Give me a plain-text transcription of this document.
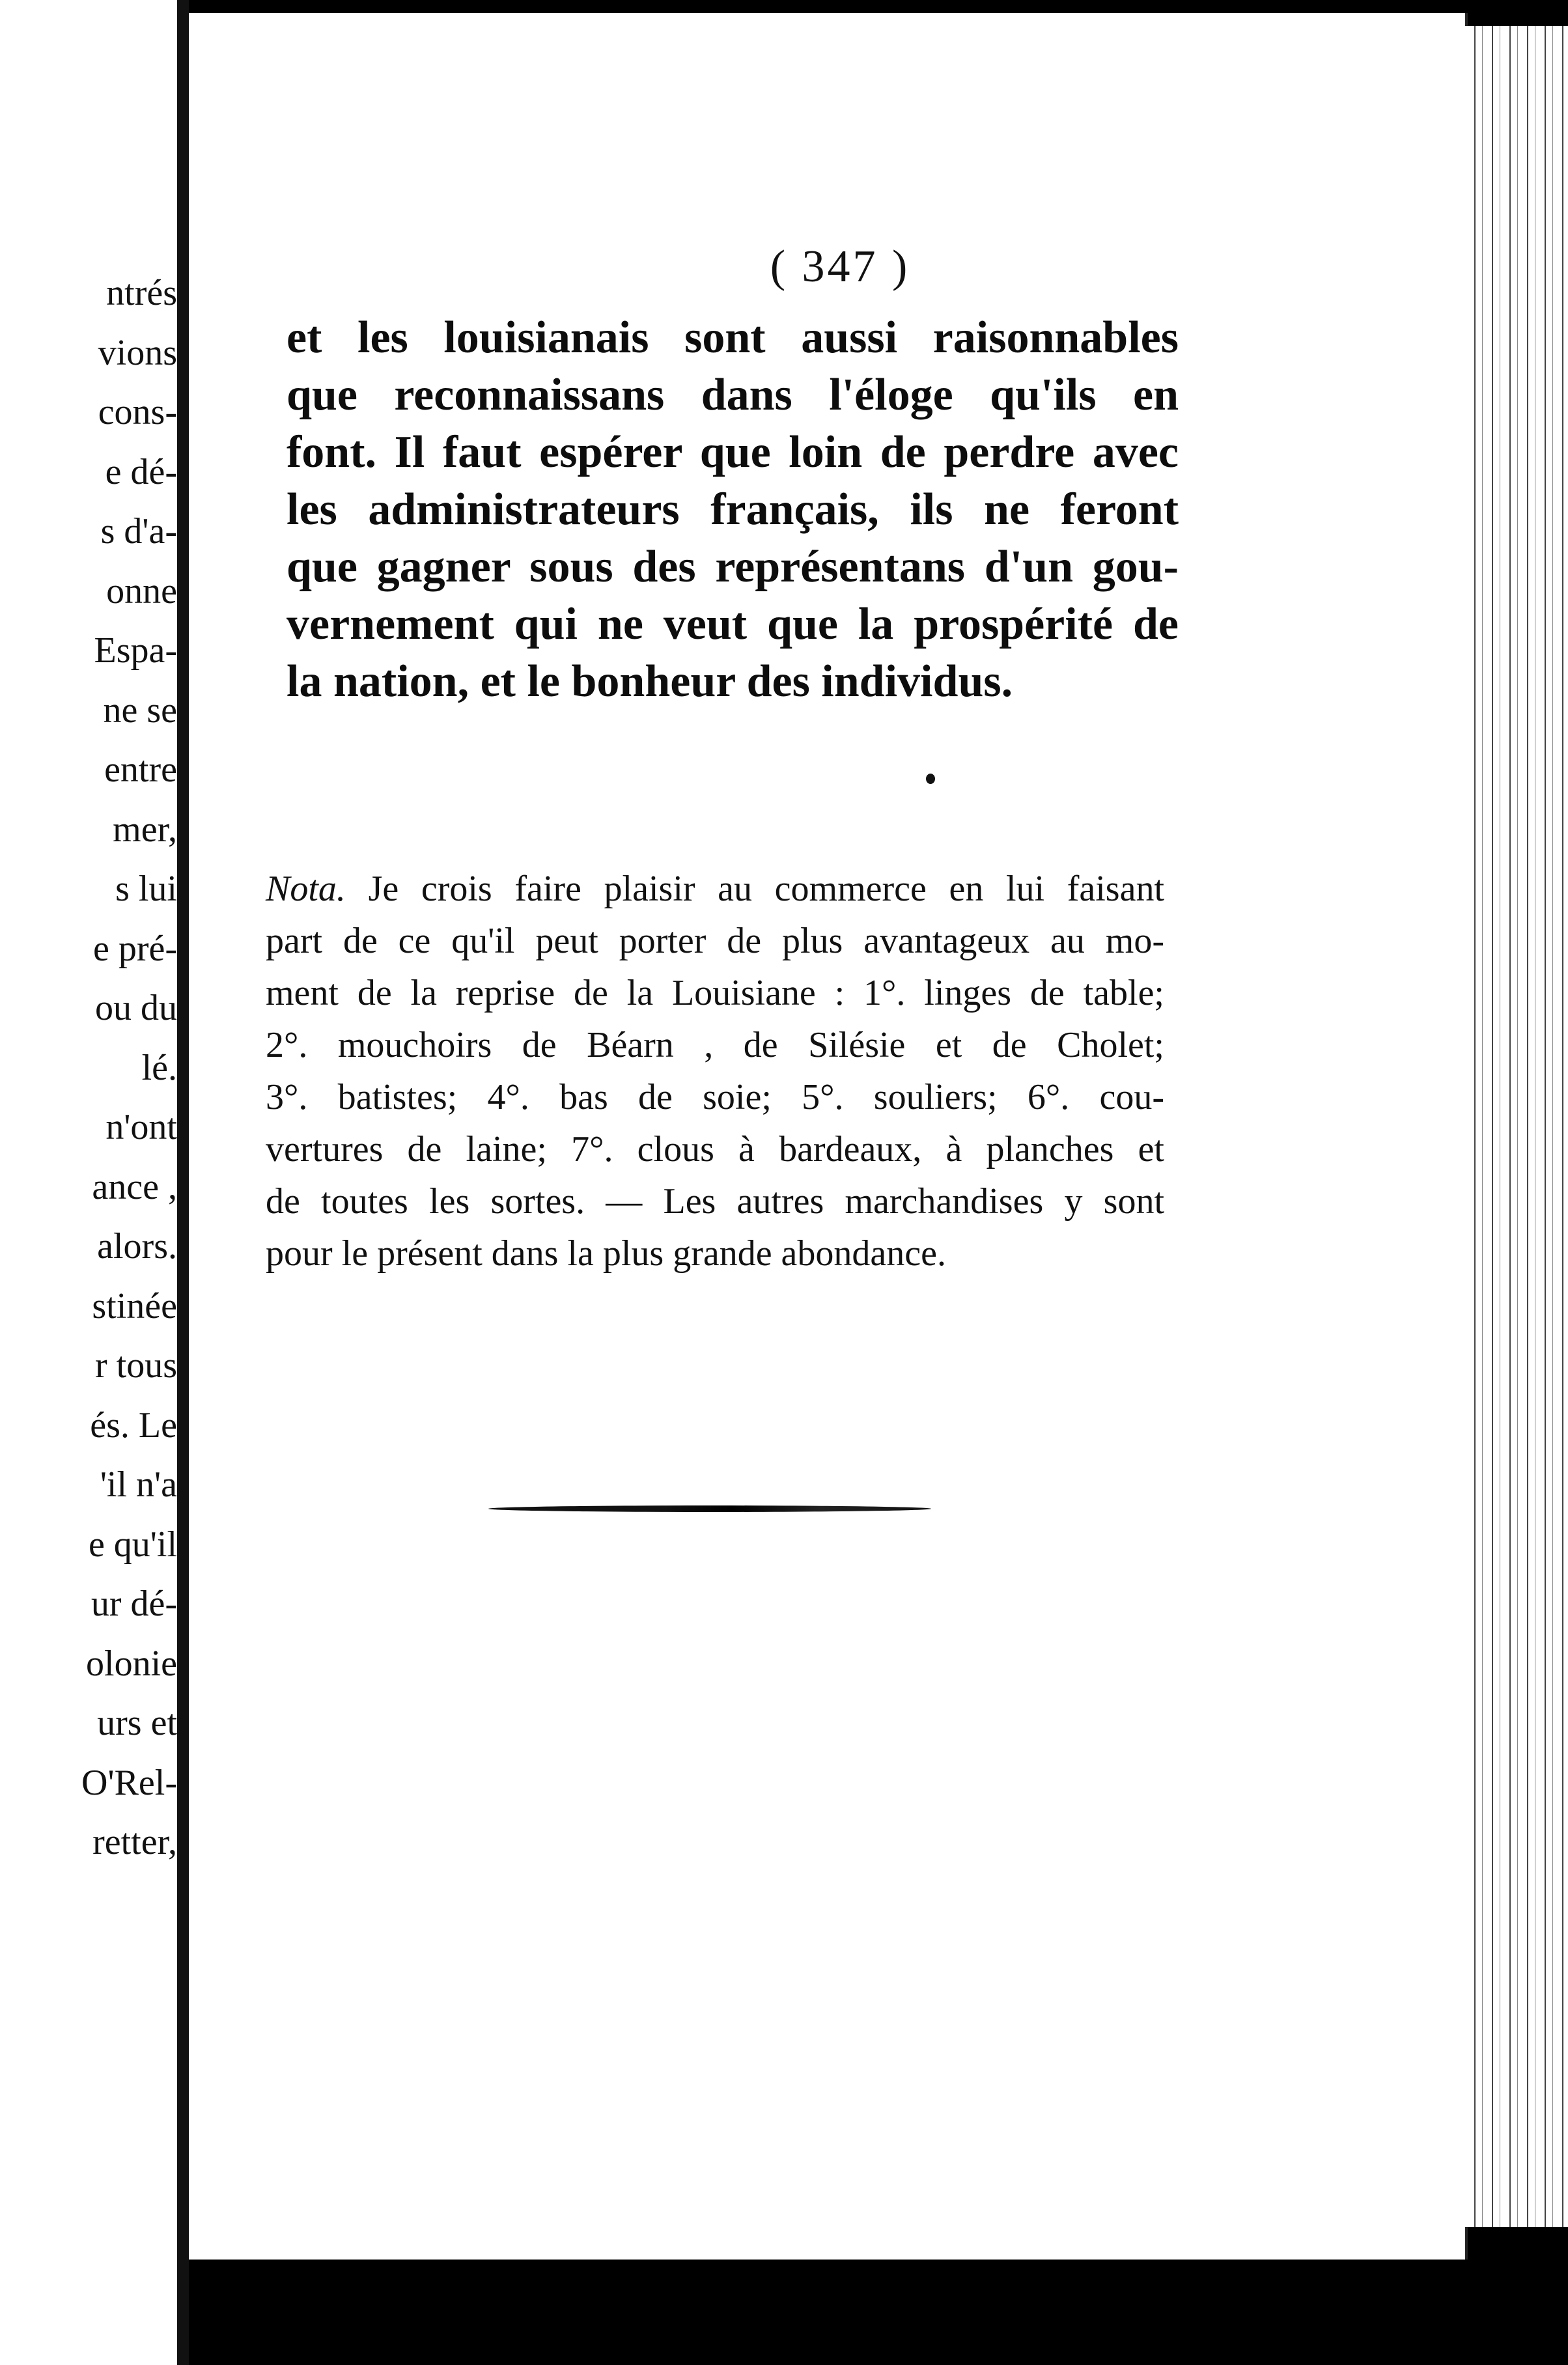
ntrés
vions
cons-
e dé-
s d'a-
onne
Espa-
ne se
entre
mer,
s lui
e pré-
ou du
lé.
n'ont
ance ,
alors.
stinée
r tous
és. Le
'il n'a
e qu'il
ur dé-
olonie
urs et
O'Rel-
retter,
( 347 )
et les louisianais sont aussi raisonnables
que reconnaissans dans l'éloge qu'ils en
font. Il faut espérer que loin de perdre avec
les administrateurs français, ils ne feront
que gagner sous des représentans d'un gou-
vernement qui ne veut que la prospérité de
la nation, et le bonheur des individus.
Nota. Je crois faire plaisir au commerce en lui faisant
part de ce qu'il peut porter de plus avantageux au mo-
ment de la reprise de la Louisiane : 1°. linges de table;
2°. mouchoirs de Béarn , de Silésie et de Cholet;
3°. batistes; 4°. bas de soie; 5°. souliers; 6°. cou-
vertures de laine; 7°. clous à bardeaux, à planches et
de toutes les sortes. — Les autres marchandises y sont
pour le présent dans la plus grande abondance.
